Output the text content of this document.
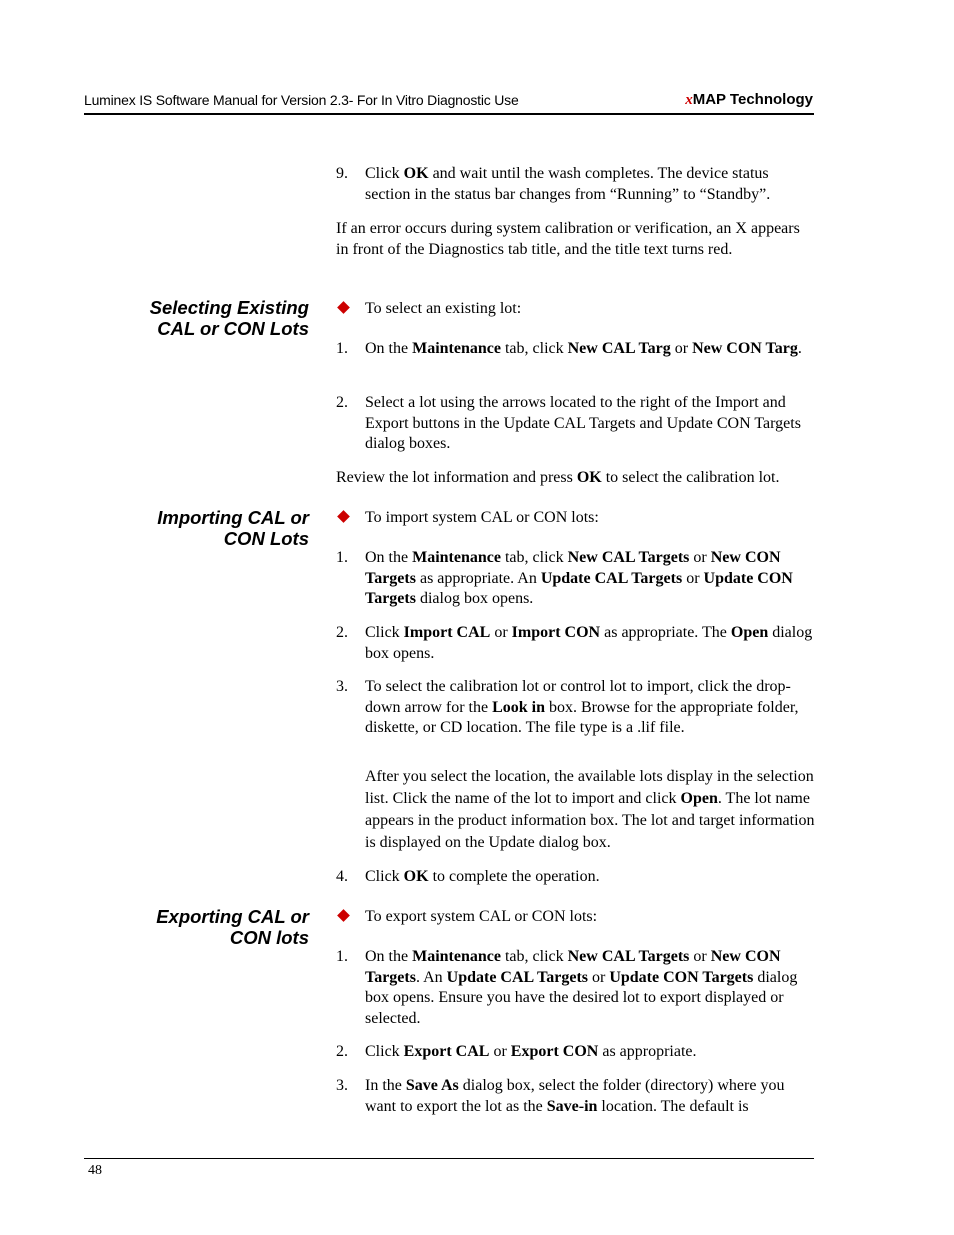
Luminex IS Software Manual for Version 2.3- For In Vitro Diagnostic Use	xMAP Technology
9. Click OK and wait until the wash completes. The device status section in the status bar changes from “Running” to “Standby”.
If an error occurs during system calibration or verification, an X appears in front of the Diagnostics tab title, and the title text turns red.
Selecting Existing
CAL or CON Lots
To select an existing lot:
1. On the Maintenance tab, click New CAL Targ or New CON Targ.
2. Select a lot using the arrows located to the right of the Import and Export buttons in the Update CAL Targets and Update CON Targets dialog boxes.
Review the lot information and press OK to select the calibration lot.
Importing CAL or
CON Lots
To import system CAL or CON lots:
1. On the Maintenance tab, click New CAL Targets or New CON Targets as appropriate. An Update CAL Targets or Update CON Targets dialog box opens.
2. Click Import CAL or Import CON as appropriate. The Open dialog box opens.
3. To select the calibration lot or control lot to import, click the drop-down arrow for the Look in box. Browse for the appropriate folder, diskette, or CD location. The file type is a .lif file.
After you select the location, the available lots display in the selection list. Click the name of the lot to import and click Open. The lot name appears in the product information box. The lot and target information is displayed on the Update dialog box.
4. Click OK to complete the operation.
Exporting CAL or
CON lots
To export system CAL or CON lots:
1. On the Maintenance tab, click New CAL Targets or New CON Targets. An Update CAL Targets or Update CON Targets dialog box opens. Ensure you have the desired lot to export displayed or selected.
2. Click Export CAL or Export CON as appropriate.
3. In the Save As dialog box, select the folder (directory) where you want to export the lot as the Save-in location. The default is
48
